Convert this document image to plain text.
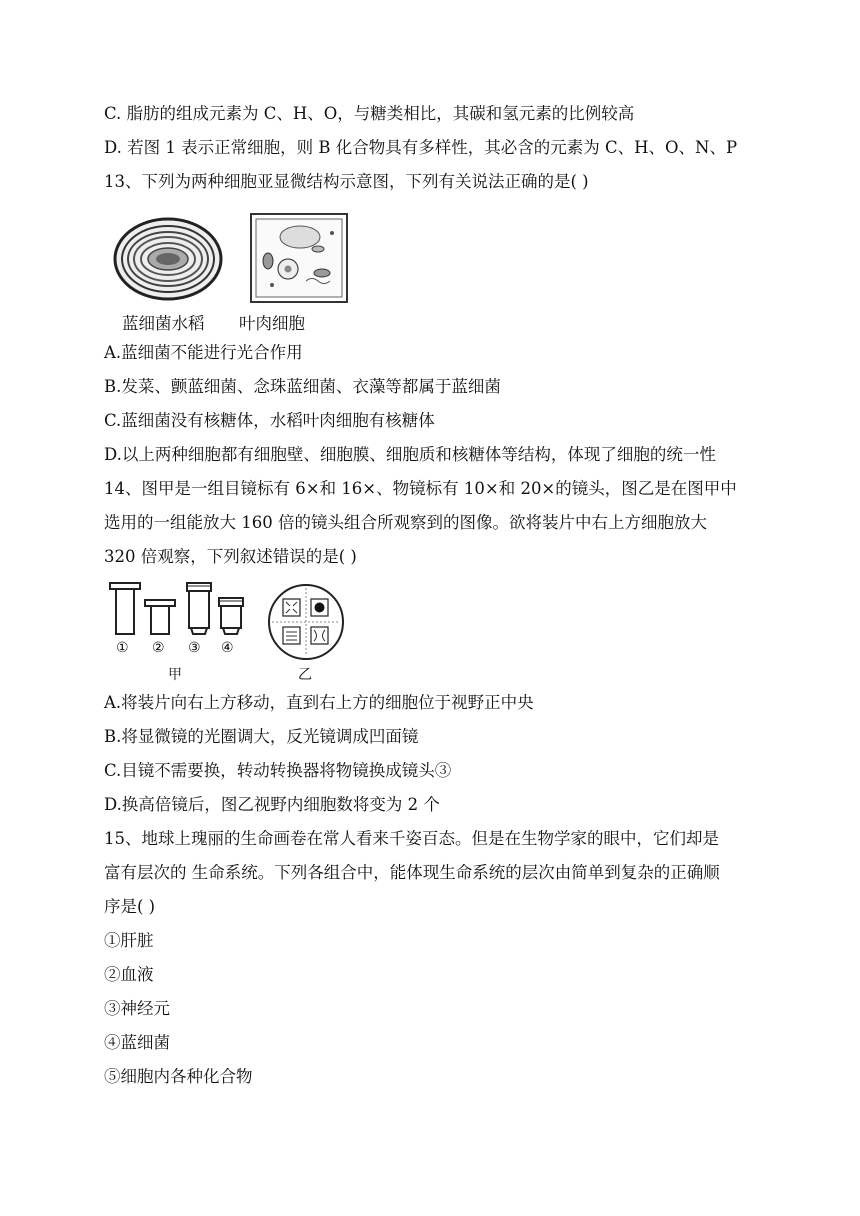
C. 脂肪的组成元素为 C、H、O，与糖类相比，其碳和氢元素的比例较高
D. 若图 1 表示正常细胞，则 B 化合物具有多样性，其必含的元素为 C、H、O、N、P
13、下列为两种细胞亚显微结构示意图，下列有关说法正确的是( )
蓝细菌水稻 叶肉细胞
A.蓝细菌不能进行光合作用
B.发菜、颤蓝细菌、念珠蓝细菌、衣藻等都属于蓝细菌
C.蓝细菌没有核糖体，水稻叶肉细胞有核糖体
D.以上两种细胞都有细胞壁、细胞膜、细胞质和核糖体等结构，体现了细胞的统一性
14、图甲是一组目镜标有 6×和 16×、物镜标有 10×和 20×的镜头，图乙是在图甲中
选用的一组能放大 160 倍的镜头组合所观察到的图像。欲将装片中右上方细胞放大
320 倍观察，下列叙述错误的是( )
① ② ③ ④
甲	乙
A.将装片向右上方移动，直到右上方的细胞位于视野正中央
B.将显微镜的光圈调大，反光镜调成凹面镜
C.目镜不需要换，转动转换器将物镜换成镜头③
D.换高倍镜后，图乙视野内细胞数将变为 2 个
15、地球上瑰丽的生命画卷在常人看来千姿百态。但是在生物学家的眼中，它们却是
富有层次的 生命系统。下列各组合中，能体现生命系统的层次由简单到复杂的正确顺
序是( )
①肝脏
②血液
③神经元
④蓝细菌
⑤细胞内各种化合物
